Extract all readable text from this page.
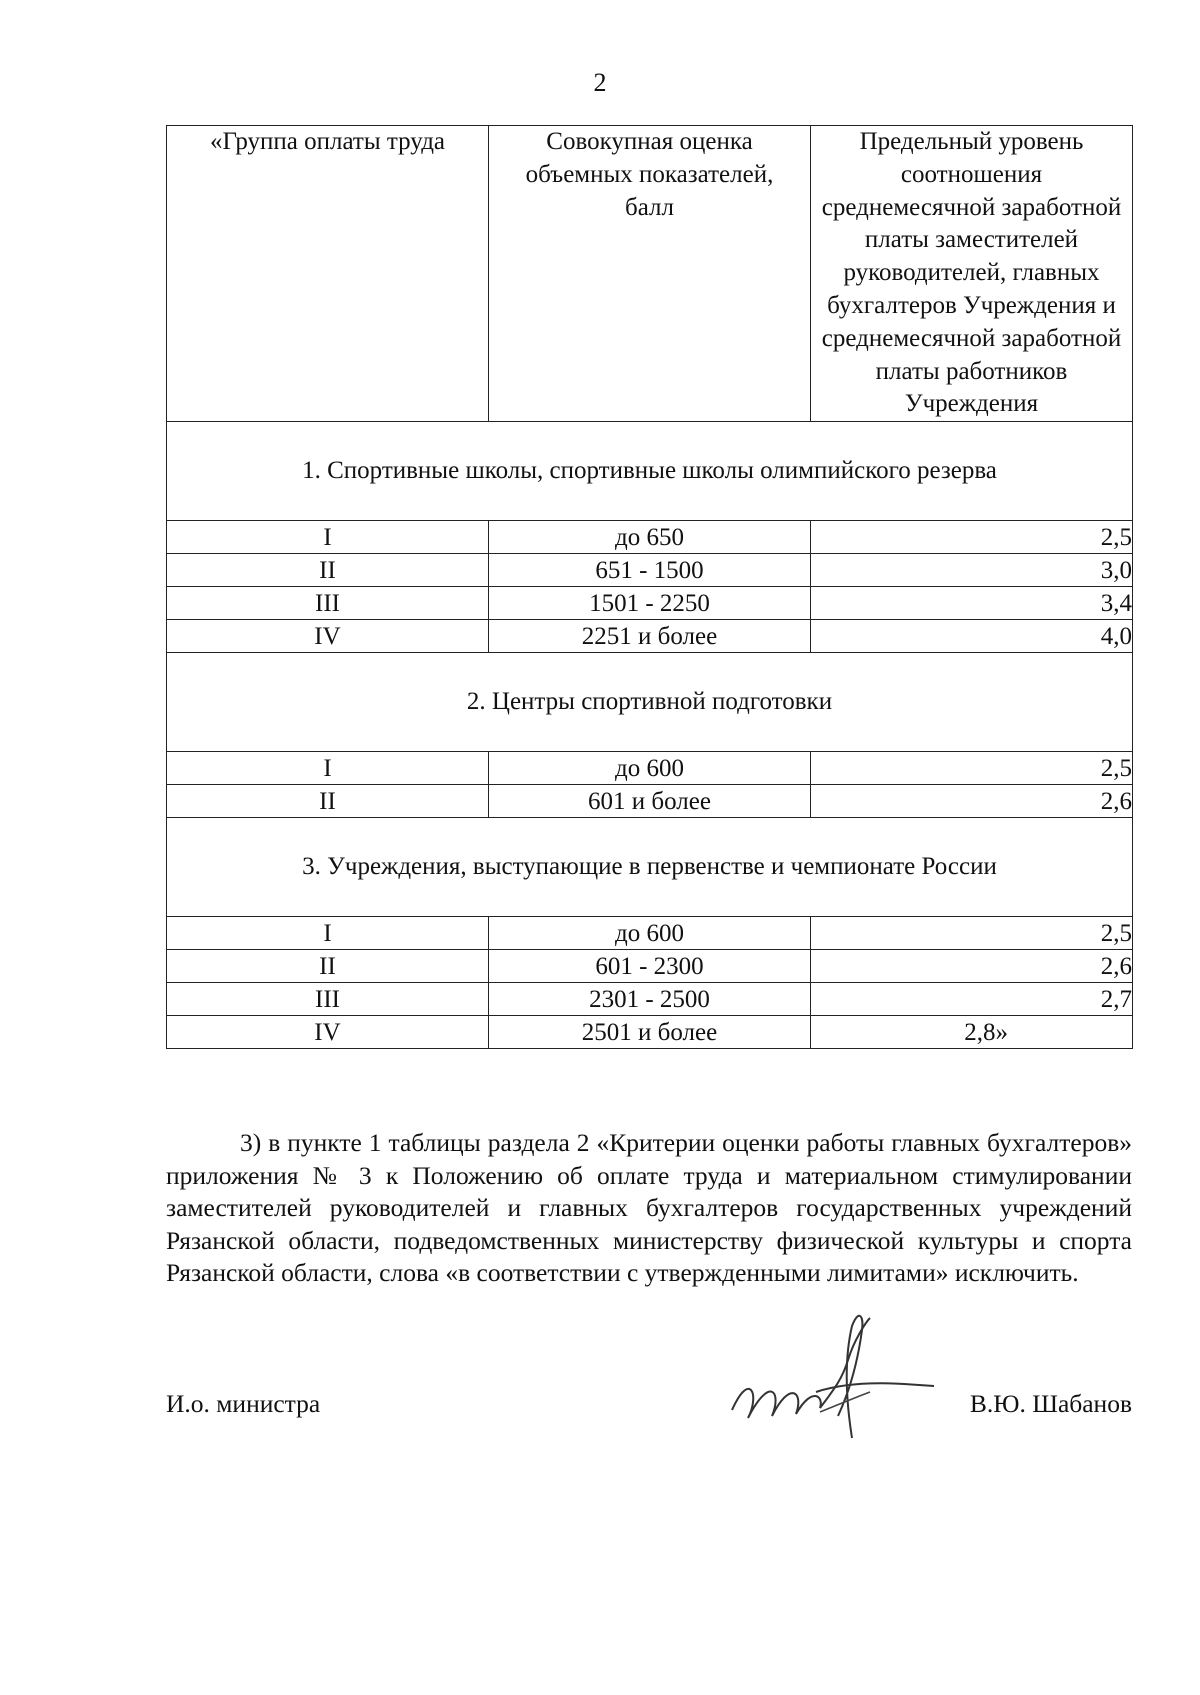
2
«Группа оплаты труда	Совокупная оценка объемных показателей, балл	Предельный уровень соотношения среднемесячной заработной платы заместителей руководителей, главных бухгалтеров Учреждения и среднемесячной заработной платы работников Учреждения
1. Спортивные школы, спортивные школы олимпийского резерва		
I	до 650	2,5
II	651 - 1500	3,0
III	1501 - 2250	3,4
IV	2251 и более	4,0
2. Центры спортивной подготовки		
I	до 600	2,5
II	601 и более	2,6
3. Учреждения, выступающие в первенстве и чемпионате России		
I	до 600	2,5
II	601 - 2300	2,6
III	2301 - 2500	2,7
IV	2501 и более	2,8»

3) в пункте 1 таблицы раздела 2 «Критерии оценки работы главных бухгалтеров» приложения № 3 к Положению об оплате труда и материальном стимулировании заместителей руководителей и главных бухгалтеров государственных учреждений Рязанской области, подведомственных министерству физической культуры и спорта Рязанской области, слова «в соответствии с утвержденными лимитами» исключить.

И.о. министра	В.Ю. Шабанов
